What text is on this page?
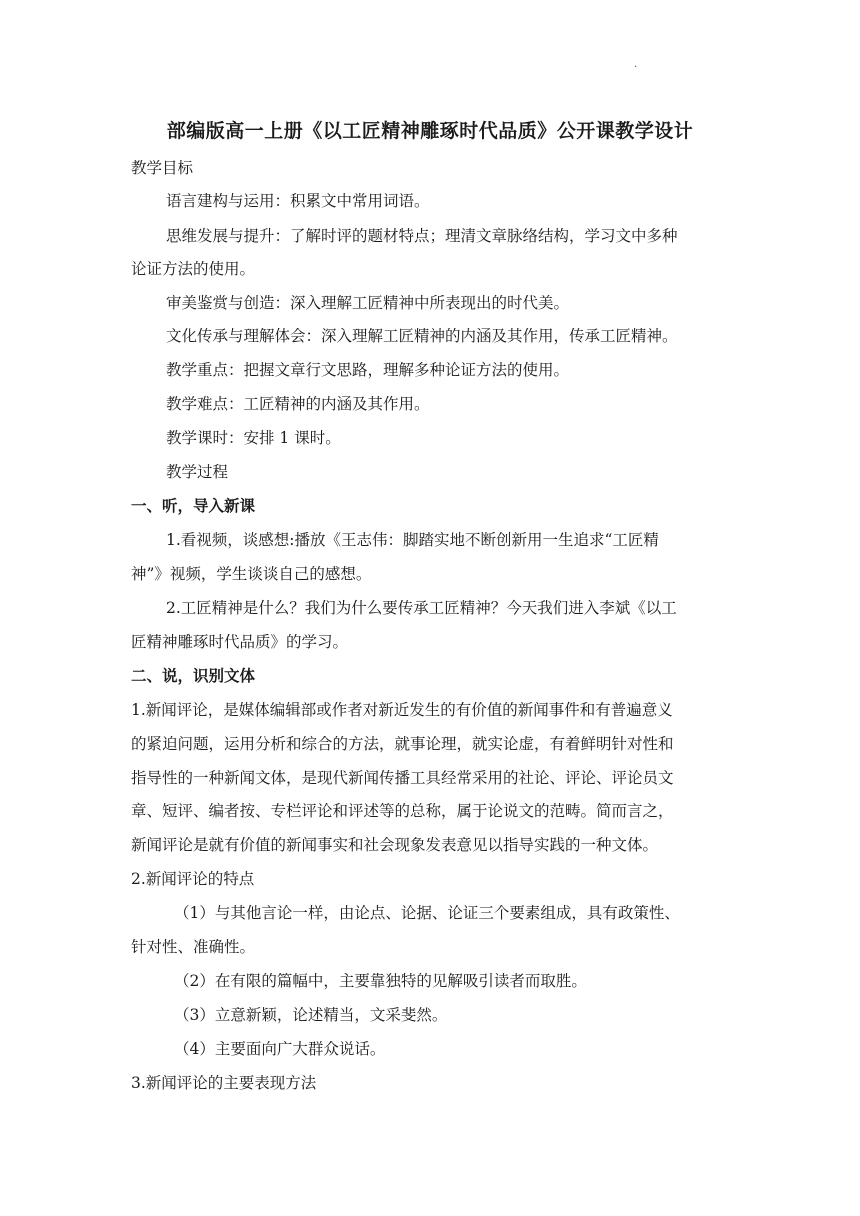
·
部编版高一上册《以工匠精神雕琢时代品质》公开课教学设计
教学目标
语言建构与运用：积累文中常用词语。
思维发展与提升：了解时评的题材特点；理清文章脉络结构，学习文中多种
论证方法的使用。
审美鉴赏与创造：深入理解工匠精神中所表现出的时代美。
文化传承与理解体会：深入理解工匠精神的内涵及其作用，传承工匠精神。
教学重点：把握文章行文思路，理解多种论证方法的使用。
教学难点：工匠精神的内涵及其作用。
教学课时：安排 1 课时。
教学过程
一、听，导入新课
1.看视频，谈感想:播放《王志伟：脚踏实地不断创新用一生追求“工匠精
神”》视频，学生谈谈自己的感想。
2.工匠精神是什么？我们为什么要传承工匠精神？今天我们进入李斌《以工
匠精神雕琢时代品质》的学习。
二、说，识别文体
1.新闻评论，是媒体编辑部或作者对新近发生的有价值的新闻事件和有普遍意义
的紧迫问题，运用分析和综合的方法，就事论理，就实论虚，有着鲜明针对性和
指导性的一种新闻文体，是现代新闻传播工具经常采用的社论、评论、评论员文
章、短评、编者按、专栏评论和评述等的总称，属于论说文的范畴。简而言之，
新闻评论是就有价值的新闻事实和社会现象发表意见以指导实践的一种文体。
2.新闻评论的特点
（1）与其他言论一样，由论点、论据、论证三个要素组成，具有政策性、
针对性、准确性。
（2）在有限的篇幅中，主要靠独特的见解吸引读者而取胜。
（3）立意新颖，论述精当，文采斐然。
（4）主要面向广大群众说话。
3.新闻评论的主要表现方法
